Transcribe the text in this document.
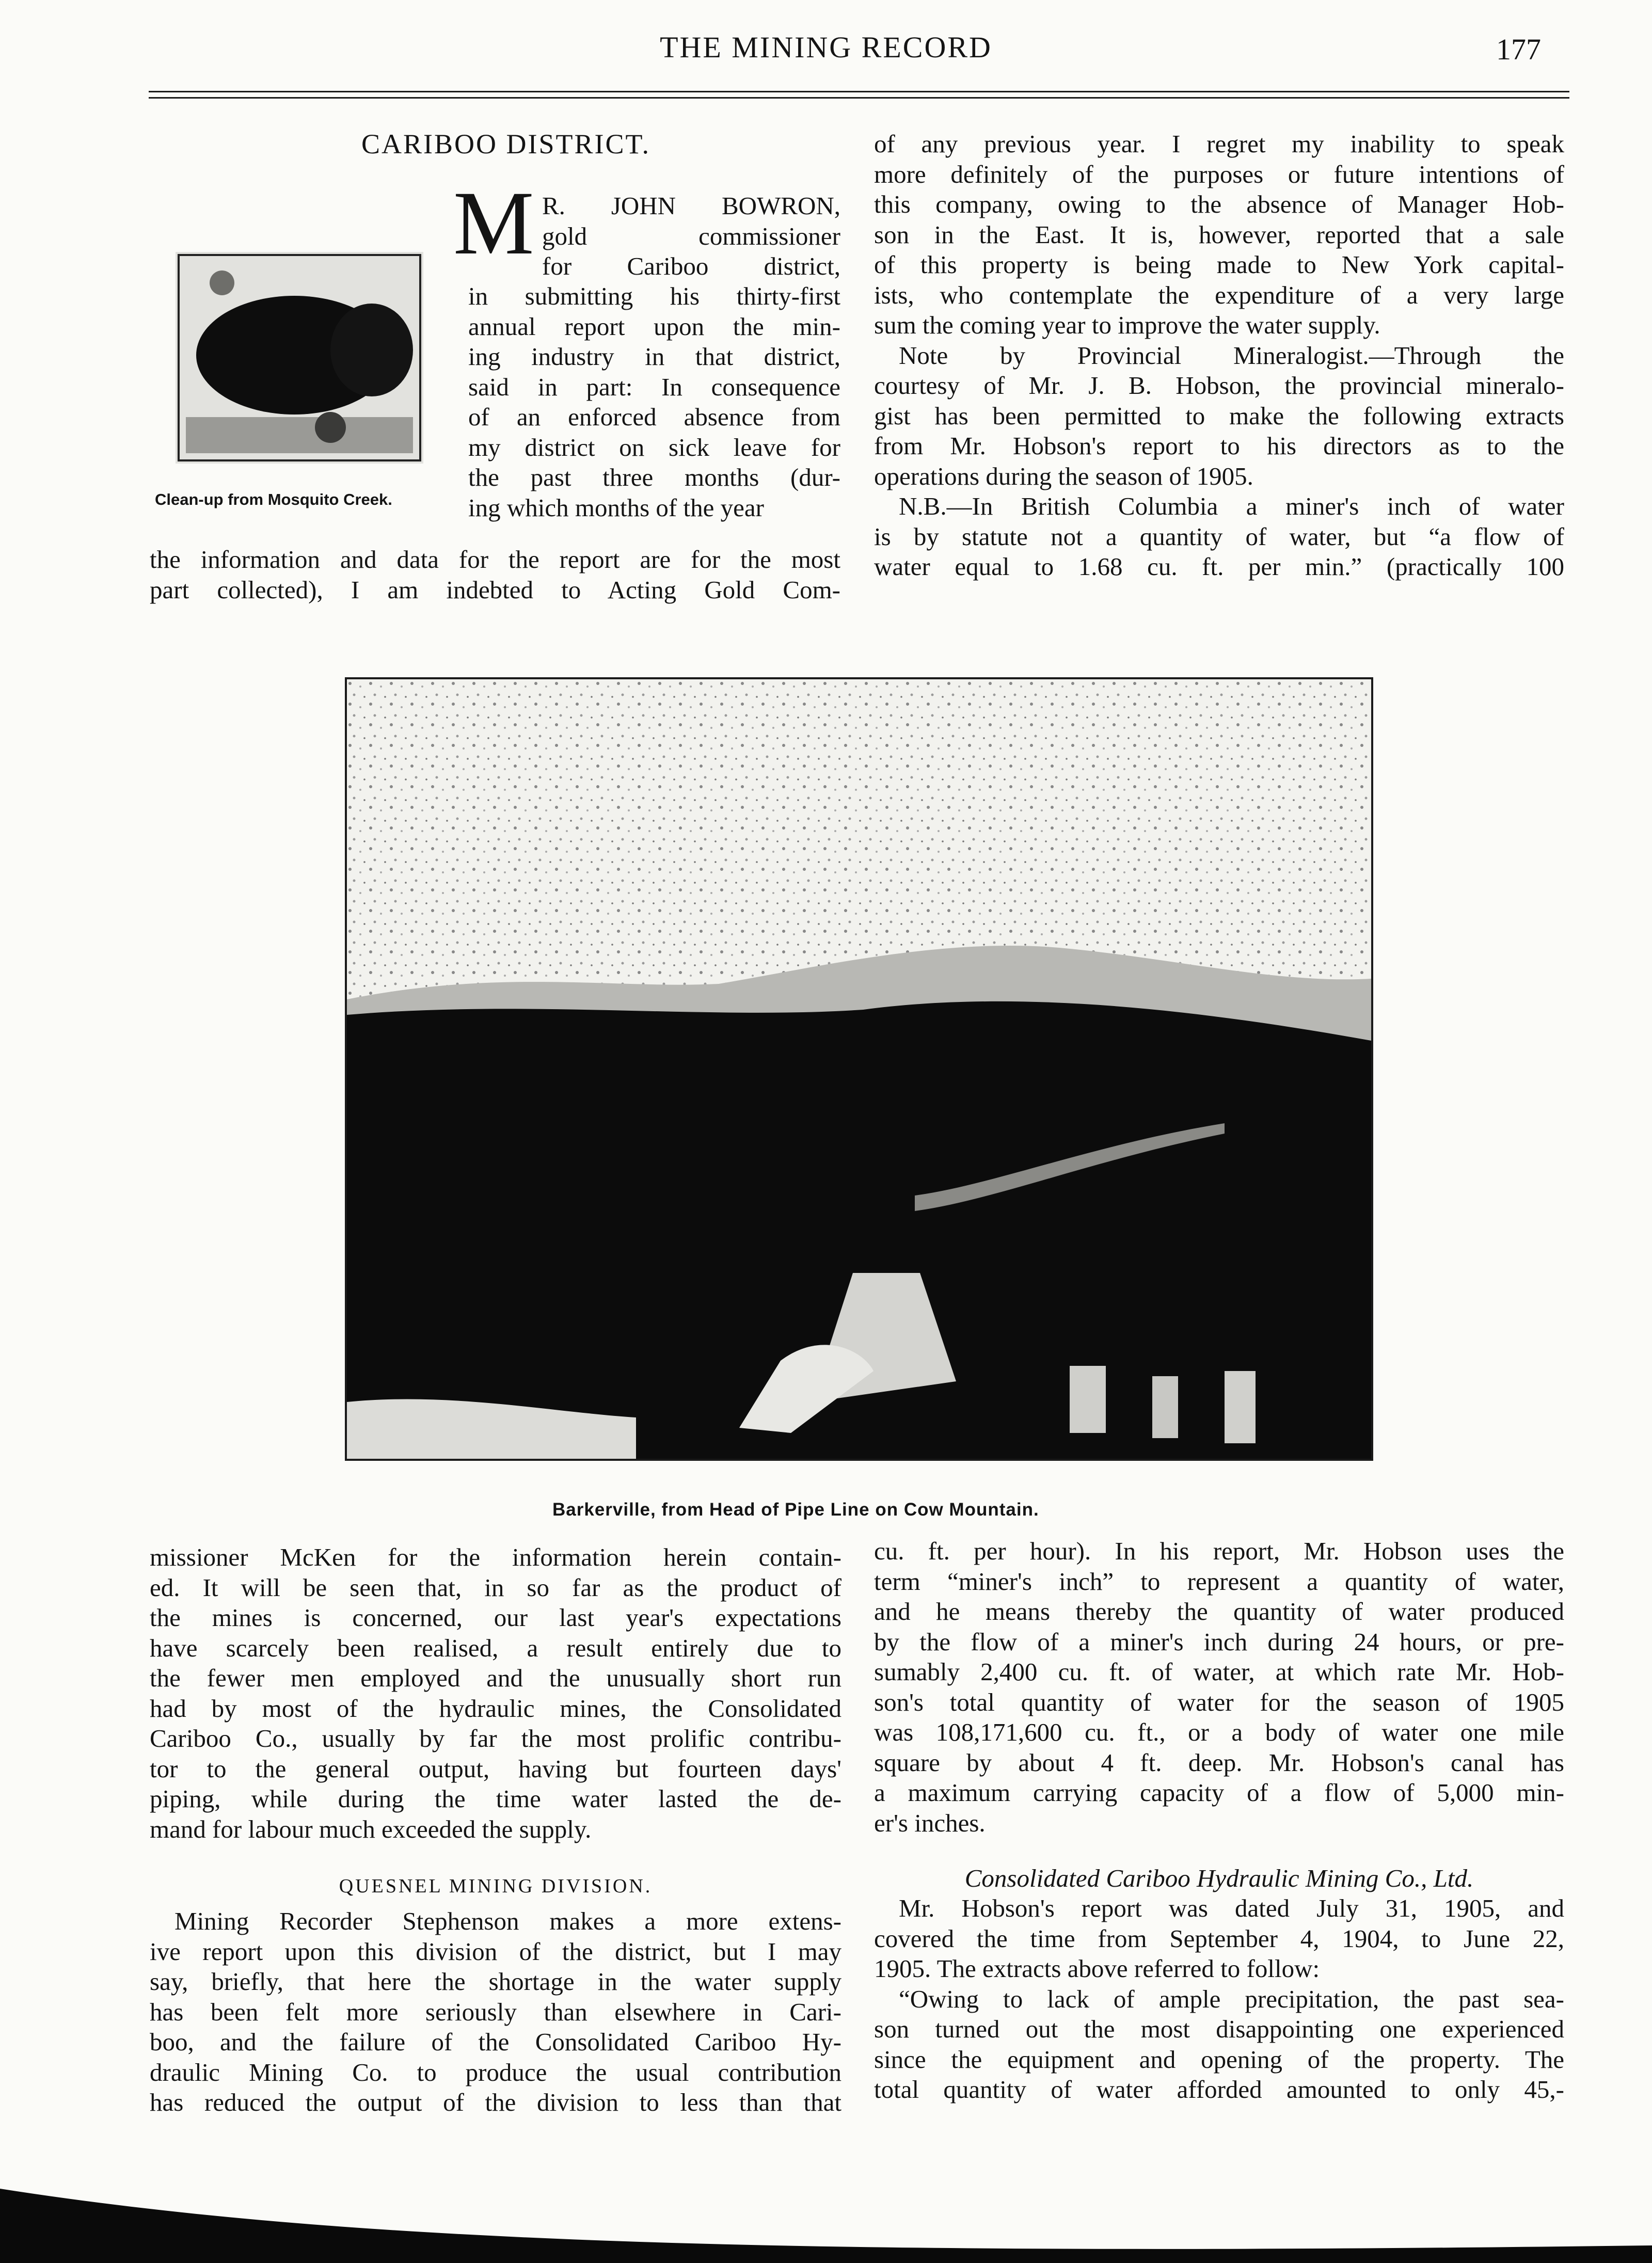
THE MINING RECORD	177
CARIBOO DISTRICT.
Clean-up from Mosquito Creek.
M R. JOHN BOWRON,
gold commissioner
for Cariboo district,
in submitting his thirty-first
annual report upon the min-
ing industry in that district,
said in part: In consequence
of an enforced absence from
my district on sick leave for
the past three months (dur-
ing which months of the year
the information and data for the report are for the most
part collected), I am indebted to Acting Gold Com-
of any previous year. I regret my inability to speak
more definitely of the purposes or future intentions of
this company, owing to the absence of Manager Hob-
son in the East. It is, however, reported that a sale
of this property is being made to New York capital-
ists, who contemplate the expenditure of a very large
sum the coming year to improve the water supply.
Note by Provincial Mineralogist.—Through the
courtesy of Mr. J. B. Hobson, the provincial mineralo-
gist has been permitted to make the following extracts
from Mr. Hobson's report to his directors as to the
operations during the season of 1905.
N.B.—In British Columbia a miner's inch of water
is by statute not a quantity of water, but “a flow of
water equal to 1.68 cu. ft. per min.” (practically 100
Barkerville, from Head of Pipe Line on Cow Mountain.
missioner McKen for the information herein contain-
ed. It will be seen that, in so far as the product of
the mines is concerned, our last year's expectations
have scarcely been realised, a result entirely due to
the fewer men employed and the unusually short run
had by most of the hydraulic mines, the Consolidated
Cariboo Co., usually by far the most prolific contribu-
tor to the general output, having but fourteen days'
piping, while during the time water lasted the de-
mand for labour much exceeded the supply.
QUESNEL MINING DIVISION.
Mining Recorder Stephenson makes a more extens-
ive report upon this division of the district, but I may
say, briefly, that here the shortage in the water supply
has been felt more seriously than elsewhere in Cari-
boo, and the failure of the Consolidated Cariboo Hy-
draulic Mining Co. to produce the usual contribution
has reduced the output of the division to less than that
cu. ft. per hour). In his report, Mr. Hobson uses the
term “miner's inch” to represent a quantity of water,
and he means thereby the quantity of water produced
by the flow of a miner's inch during 24 hours, or pre-
sumably 2,400 cu. ft. of water, at which rate Mr. Hob-
son's total quantity of water for the season of 1905
was 108,171,600 cu. ft., or a body of water one mile
square by about 4 ft. deep. Mr. Hobson's canal has
a maximum carrying capacity of a flow of 5,000 min-
er's inches.
Consolidated Cariboo Hydraulic Mining Co., Ltd.
Mr. Hobson's report was dated July 31, 1905, and
covered the time from September 4, 1904, to June 22,
1905. The extracts above referred to follow:
“Owing to lack of ample precipitation, the past sea-
son turned out the most disappointing one experienced
since the equipment and opening of the property. The
total quantity of water afforded amounted to only 45,-
